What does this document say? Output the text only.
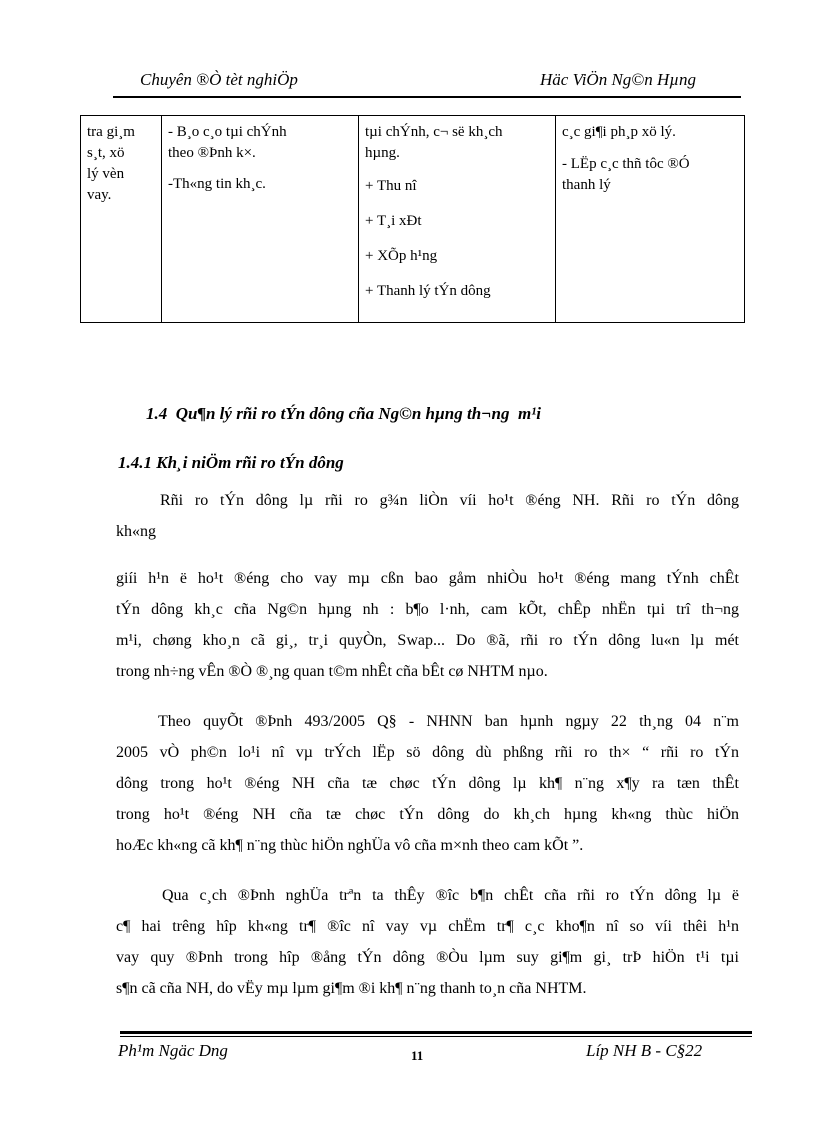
Chuyên ®Ò tèt nghiÖp	Häc ViÖn Ng©n Hµng
tra gi¸m
s¸t, xö
lý vèn
vay.

- B¸o c¸o tµi chÝnh
theo ®Þnh k×.
-Th«ng tin kh¸c.

tµi chÝnh, c¬ së kh¸ch
hµng.
+ Thu nî
+ T¸i xÐt
+ XÕp h¹ng
+ Thanh lý tÝn dông

c¸c gi¶i ph¸p xö lý.
- LËp c¸c thñ tôc ®Ó
thanh lý
1.4  Qu¶n lý rñi ro tÝn dông cña Ng©n hµng th¬ng  m¹i
1.4.1 Kh¸i niÖm rñi ro tÝn dông
Rñi ro tÝn dông lµ rñi ro g¾n liÒn víi ho¹t ®éng NH. Rñi ro tÝn dông
kh«ng
giíi h¹n ë ho¹t ®éng cho vay mµ cßn bao gåm nhiÒu ho¹t ®éng mang tÝnh chÊt
tÝn dông kh¸c cña Ng©n hµng nh : b¶o l·nh, cam kÕt, chÊp nhËn tµi trî th¬ng
m¹i, chøng kho¸n cã gi¸, tr¸i quyÒn, Swap... Do ®ã, rñi ro tÝn dông lu«n lµ mét
trong nh÷ng vÊn ®Ò ®¸ng quan t©m nhÊt cña bÊt cø NHTM nµo.
Theo quyÕt ®Þnh 493/2005 Q§ - NHNN ban hµnh ngµy 22 th¸ng 04 n¨m
2005 vÒ ph©n lo¹i nî vµ trÝch lËp sö dông dù phßng rñi ro th× “ rñi ro tÝn
dông trong ho¹t ®éng NH cña tæ chøc tÝn dông lµ kh¶ n¨ng x¶y ra tæn thÊt
trong ho¹t ®éng NH cña tæ chøc tÝn dông do kh¸ch hµng kh«ng thùc hiÖn
hoÆc kh«ng cã kh¶ n¨ng thùc hiÖn nghÜa vô cña m×nh theo cam kÕt ”.
Qua c¸ch ®Þnh nghÜa trªn ta thÊy ®îc b¶n chÊt cña rñi ro tÝn dông lµ ë
c¶ hai trêng hîp kh«ng tr¶ ®îc nî vay vµ chËm tr¶ c¸c kho¶n nî so víi thêi h¹n
vay quy ®Þnh trong hîp ®ång tÝn dông ®Òu lµm suy gi¶m gi¸ trÞ hiÖn t¹i tµi
s¶n cã cña NH, do vËy mµ lµm gi¶m ®i kh¶ n¨ng thanh to¸n cña NHTM.
Ph¹m Ngäc Dng	11	Líp NH B - C§22
